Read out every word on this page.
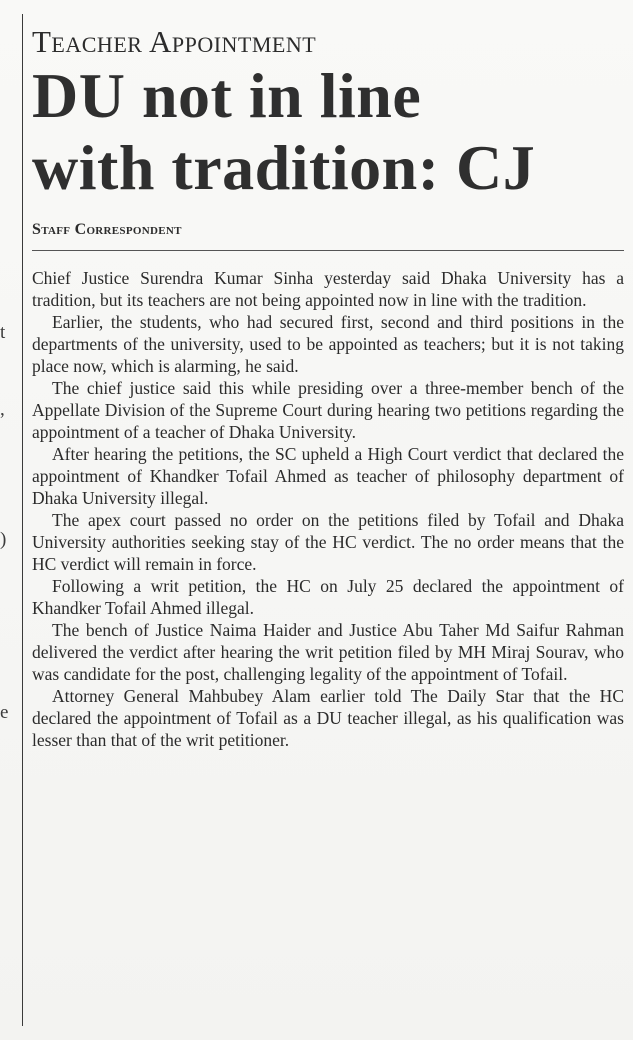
t
,
)
e
Teacher Appointment
DU not in line
with tradition: CJ
Staff Correspondent

Chief Justice Surendra Kumar Sinha yesterday said Dhaka University has a tradition, but its teachers are not being appointed now in line with the tradition.

Earlier, the students, who had secured first, second and third positions in the departments of the university, used to be appointed as teachers; but it is not taking place now, which is alarming, he said.

The chief justice said this while presiding over a three-member bench of the Appellate Division of the Supreme Court during hearing two petitions regarding the appointment of a teacher of Dhaka University.

After hearing the petitions, the SC upheld a High Court verdict that declared the appointment of Khandker Tofail Ahmed as teacher of philosophy department of Dhaka University illegal.

The apex court passed no order on the petitions filed by Tofail and Dhaka University authorities seeking stay of the HC verdict. The no order means that the HC verdict will remain in force.

Following a writ petition, the HC on July 25 declared the appointment of Khandker Tofail Ahmed illegal.

The bench of Justice Naima Haider and Justice Abu Taher Md Saifur Rahman delivered the verdict after hearing the writ petition filed by MH Miraj Sourav, who was candidate for the post, challenging legality of the appointment of Tofail.

Attorney General Mahbubey Alam earlier told The Daily Star that the HC declared the appointment of Tofail as a DU teacher illegal, as his qualification was lesser than that of the writ petitioner.
